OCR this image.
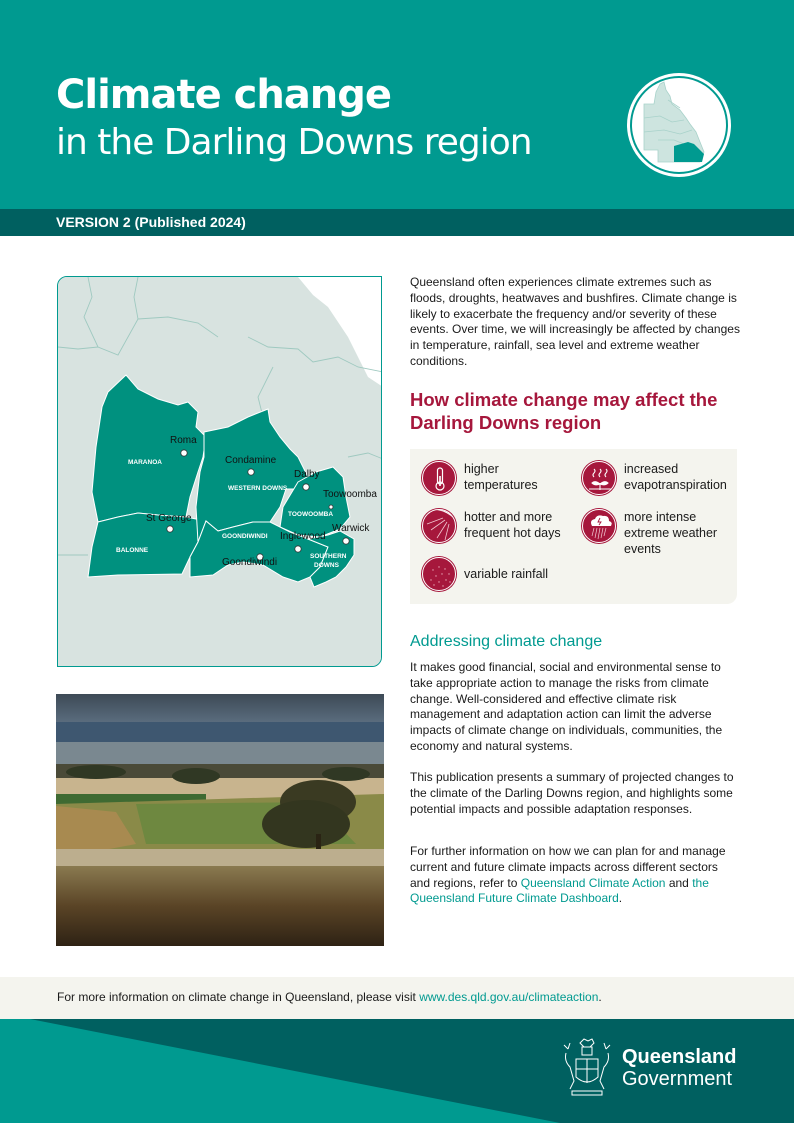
Climate change
in the Darling Downs region
VERSION 2 (Published 2024)
MARANOA
WESTERN DOWNS
TOOWOOMBA
BALONNE
GOONDIWINDI
SOUTHERN
DOWNS
Roma
Condamine
Dalby
Toowoomba
St George
Goondiwindi
Inglewood
Warwick
Queensland often experiences climate extremes such as floods, droughts, heatwaves and bushfires. Climate change is likely to exacerbate the frequency and/or severity of these events. Over time, we will increasingly be affected by changes in temperature, rainfall, sea level and extreme weather conditions.
How climate change may affect the Darling Downs region
higher
temperatures
increased
evapotranspiration
hotter and more
frequent hot days
more intense
extreme weather
events
variable rainfall
Addressing climate change
It makes good financial, social and environmental sense to take appropriate action to manage the risks from climate change. Well-considered and effective climate risk management and adaptation action can limit the adverse impacts of climate change on individuals, communities, the economy and natural systems.
This publication presents a summary of projected changes to the climate of the Darling Downs region, and highlights some potential impacts and possible adaptation responses.
For further information on how we can plan for and manage current and future climate impacts across different sectors and regions, refer to Queensland Climate Action and the Queensland Future Climate Dashboard.
For more information on climate change in Queensland, please visit www.des.qld.gov.au/climateaction.
Queensland
Government
